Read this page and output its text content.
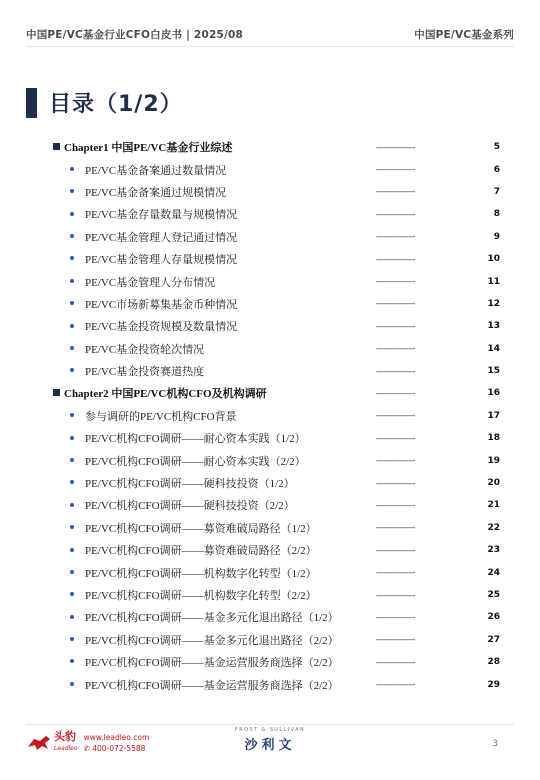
中国PE/VC基金行业CFO白皮书 | 2025/08	中国PE/VC基金系列
目录（1/2）
Chapter1 中国PE/VC基金行业综述	-----------------	5
PE/VC基金备案通过数量情况	-----------------	6
PE/VC基金备案通过规模情况	-----------------	7
PE/VC基金存量数量与规模情况	-----------------	8
PE/VC基金管理人登记通过情况	-----------------	9
PE/VC基金管理人存量规模情况	-----------------	10
PE/VC基金管理人分布情况	-----------------	11
PE/VC市场新募集基金币种情况	-----------------	12
PE/VC基金投资规模及数量情况	-----------------	13
PE/VC基金投资轮次情况	-----------------	14
PE/VC基金投资赛道热度	-----------------	15
Chapter2 中国PE/VC机构CFO及机构调研	-----------------	16
参与调研的PE/VC机构CFO背景	-----------------	17
PE/VC机构CFO调研——耐心资本实践（1/2）	-----------------	18
PE/VC机构CFO调研——耐心资本实践（2/2）	-----------------	19
PE/VC机构CFO调研——硬科技投资（1/2）	-----------------	20
PE/VC机构CFO调研——硬科技投资（2/2）	-----------------	21
PE/VC机构CFO调研——募资难破局路径（1/2）	-----------------	22
PE/VC机构CFO调研——募资难破局路径（2/2）	-----------------	23
PE/VC机构CFO调研——机构数字化转型（1/2）	-----------------	24
PE/VC机构CFO调研——机构数字化转型（2/2）	-----------------	25
PE/VC机构CFO调研——基金多元化退出路径（1/2）	-----------------	26
PE/VC机构CFO调研——基金多元化退出路径（2/2）	-----------------	27
PE/VC机构CFO调研——基金运营服务商选择（2/2）	-----------------	28
PE/VC机构CFO调研——基金运营服务商选择（2/2）	-----------------	29
头豹
Leadleo
www.leadleo.com
✆ 400-072-5588
FROST & SULLIVAN
沙利文	3
